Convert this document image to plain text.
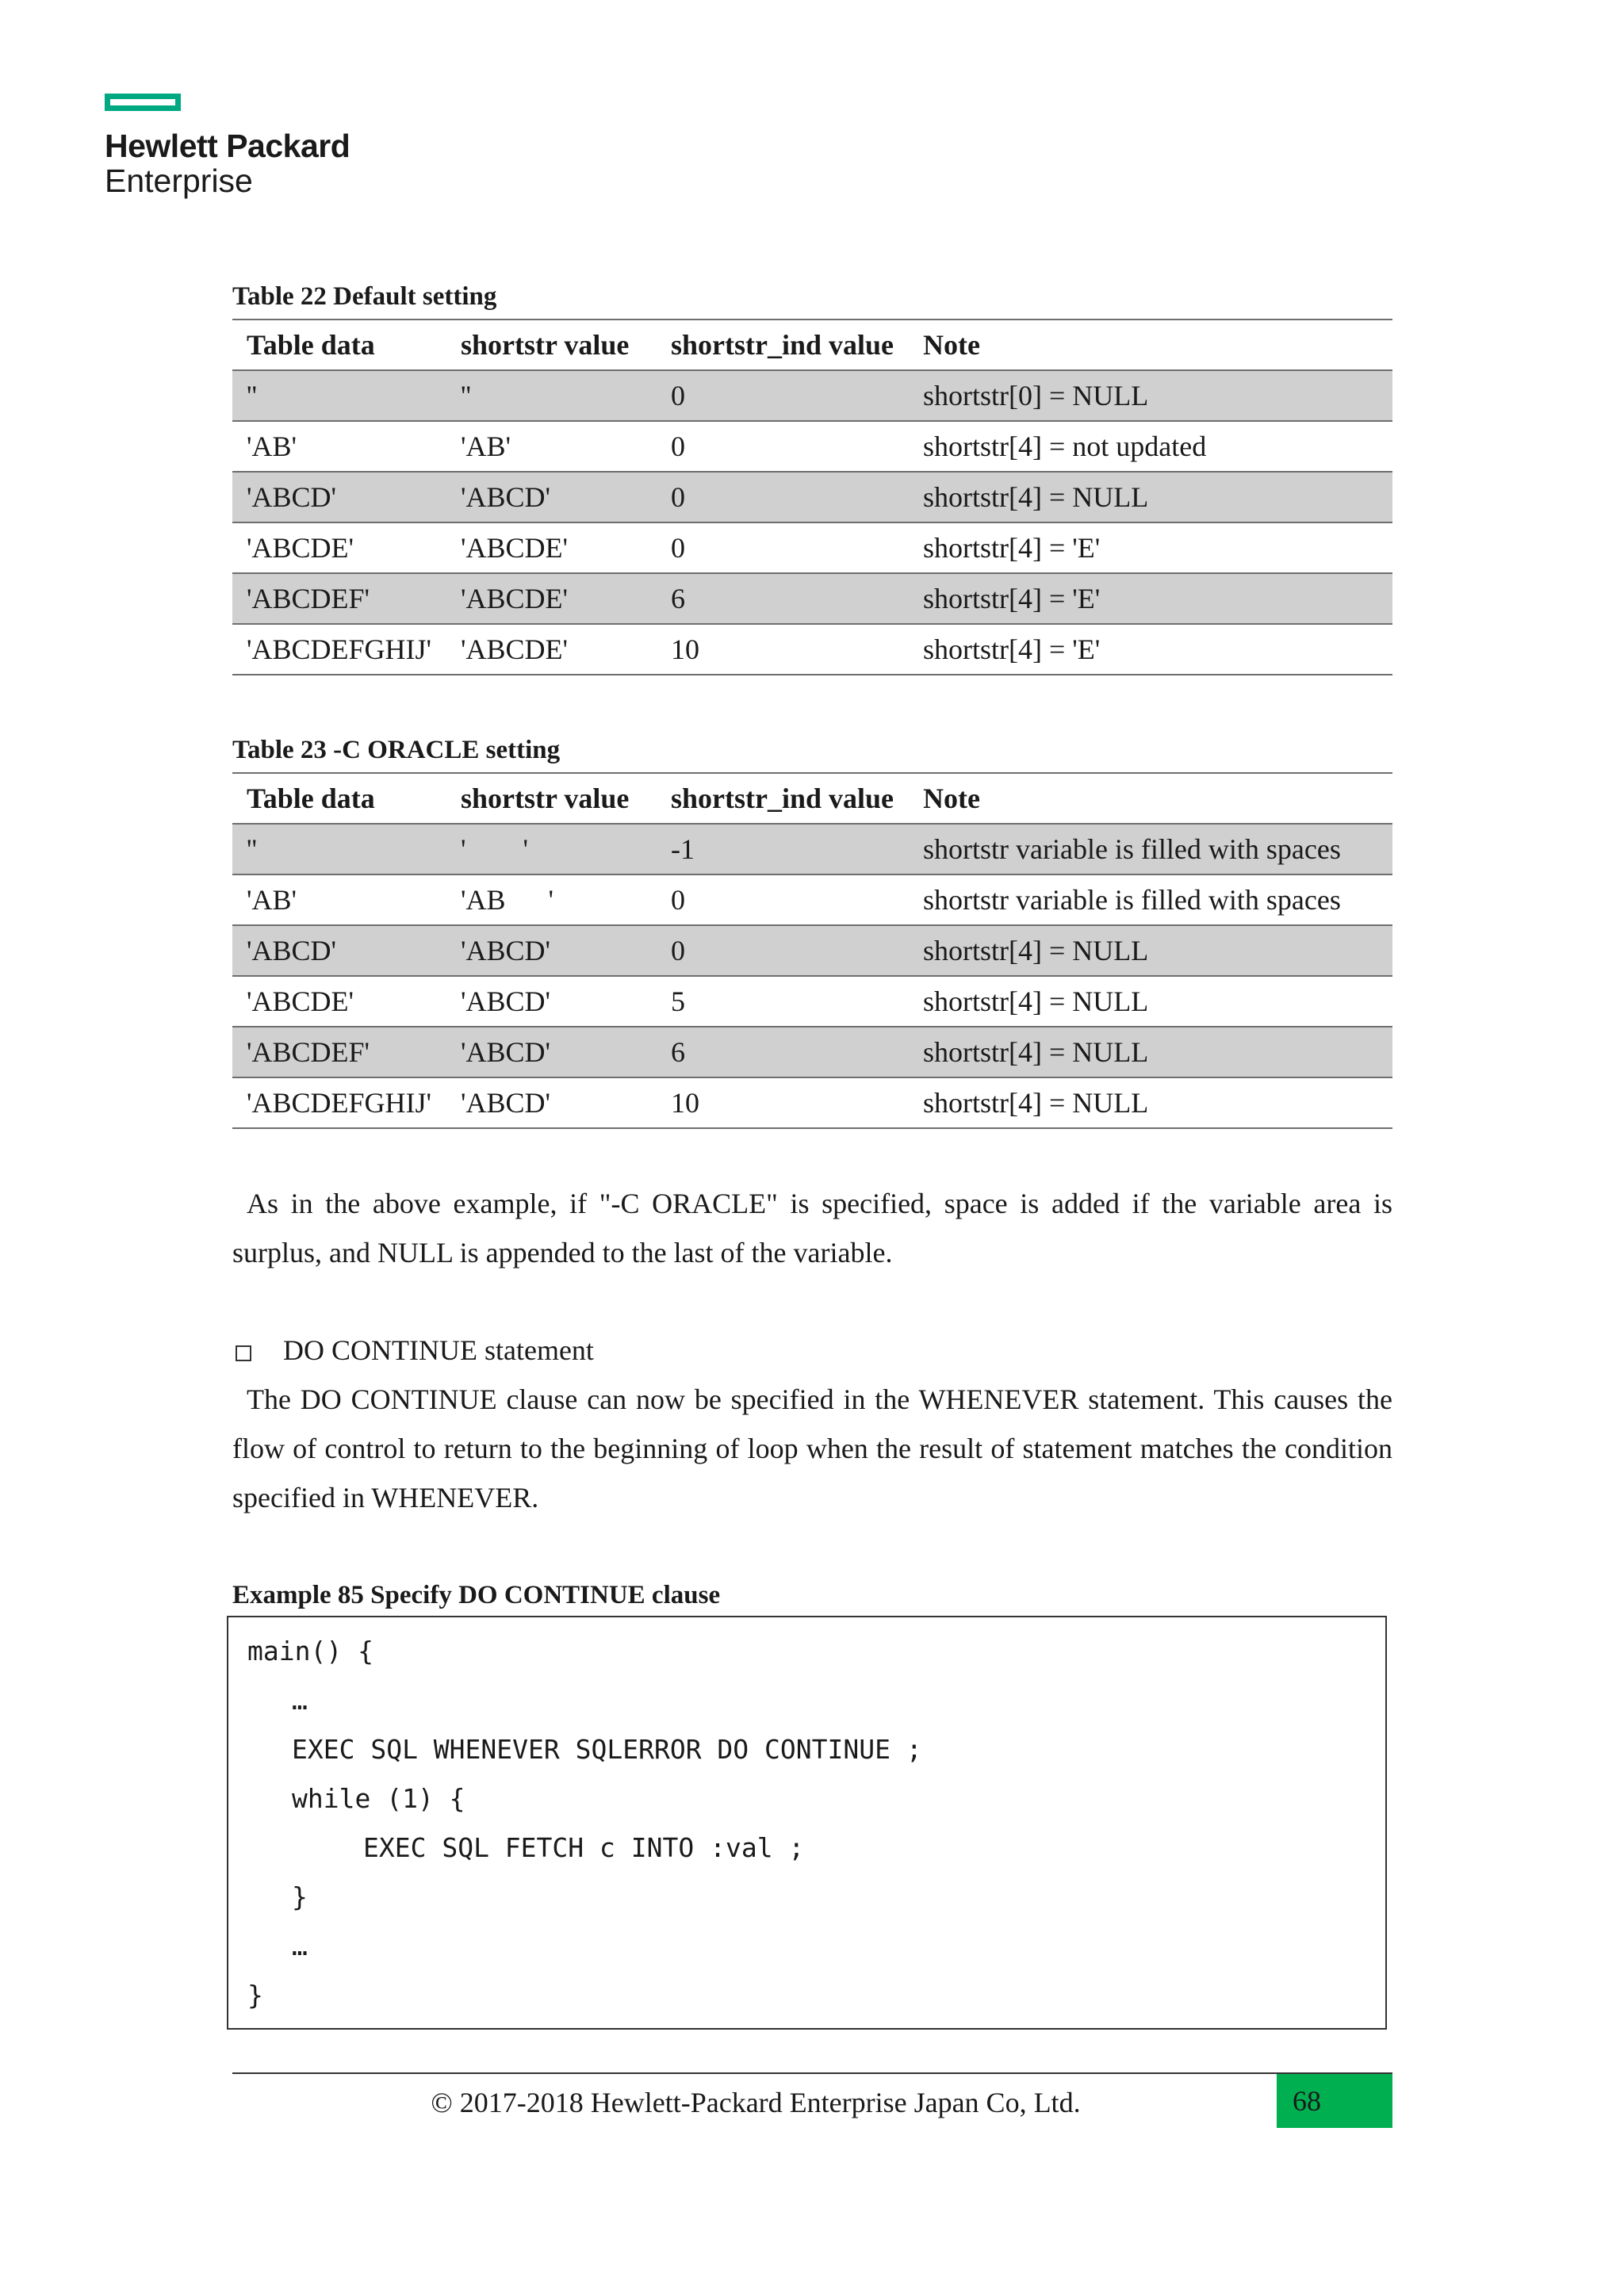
Hewlett Packard
Enterprise
Table 22 Default setting
Table data	shortstr value	shortstr_ind value	Note
''	''	0	shortstr[0] = NULL
'AB'	'AB'	0	shortstr[4] = not updated
'ABCD'	'ABCD'	0	shortstr[4] = NULL
'ABCDE'	'ABCDE'	0	shortstr[4] = 'E'
'ABCDEF'	'ABCDE'	6	shortstr[4] = 'E'
'ABCDEFGHIJ'	'ABCDE'	10	shortstr[4] = 'E'
Table 23 -C ORACLE setting
Table data	shortstr value	shortstr_ind value	Note
''	'        '	-1	shortstr variable is filled with spaces
'AB'	'AB      '	0	shortstr variable is filled with spaces
'ABCD'	'ABCD'	0	shortstr[4] = NULL
'ABCDE'	'ABCD'	5	shortstr[4] = NULL
'ABCDEF'	'ABCD'	6	shortstr[4] = NULL
'ABCDEFGHIJ'	'ABCD'	10	shortstr[4] = NULL
As in the above example, if "-C ORACLE" is specified, space is added if the variable area is surplus, and NULL is appended to the last of the variable.
DO CONTINUE statement
The DO CONTINUE clause can now be specified in the WHENEVER statement. This causes the flow of control to return to the beginning of loop when the result of statement matches the condition specified in WHENEVER.
Example 85 Specify DO CONTINUE clause
main() {
…
EXEC SQL WHENEVER SQLERROR DO CONTINUE ;
while (1) {
EXEC SQL FETCH c INTO :val ;
}
…
}
© 2017-2018 Hewlett-Packard Enterprise Japan Co, Ltd.	68
